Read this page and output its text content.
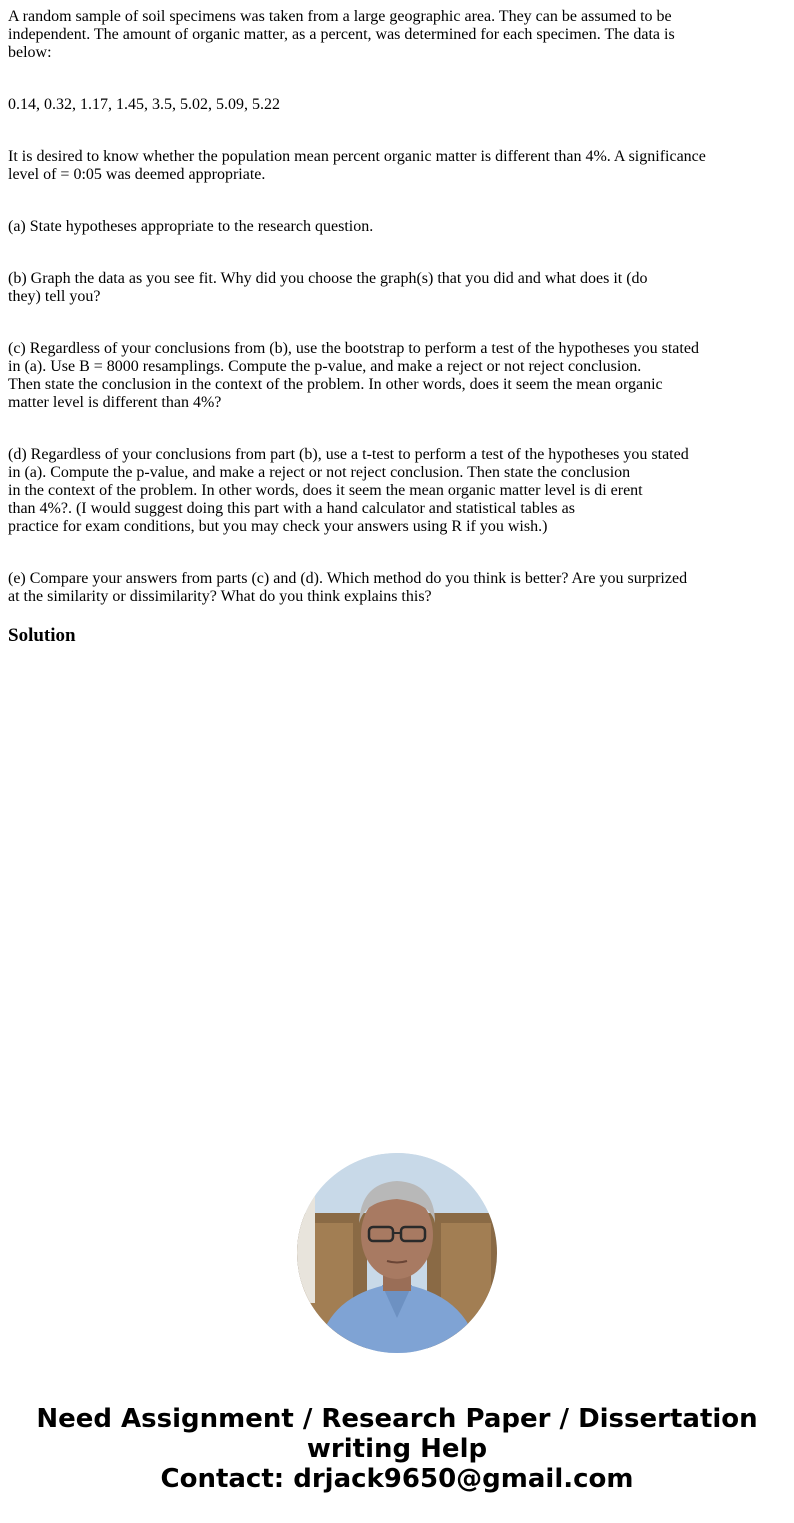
A random sample of soil specimens was taken from a large geographic area. They can be assumed to be
independent. The amount of organic matter, as a percent, was determined for each specimen. The data is
below:

0.14, 0.32, 1.17, 1.45, 3.5, 5.02, 5.09, 5.22

It is desired to know whether the population mean percent organic matter is different than 4%. A significance
level of = 0:05 was deemed appropriate.

(a) State hypotheses appropriate to the research question.

(b) Graph the data as you see fit. Why did you choose the graph(s) that you did and what does it (do
they) tell you?

(c) Regardless of your conclusions from (b), use the bootstrap to perform a test of the hypotheses you stated
in (a). Use B = 8000 resamplings. Compute the p-value, and make a reject or not reject conclusion.
Then state the conclusion in the context of the problem. In other words, does it seem the mean organic
matter level is different than 4%?

(d) Regardless of your conclusions from part (b), use a t-test to perform a test of the hypotheses you stated
in (a). Compute the p-value, and make a reject or not reject conclusion. Then state the conclusion
in the context of the problem. In other words, does it seem the mean organic matter level is di erent
than 4%?. (I would suggest doing this part with a hand calculator and statistical tables as
practice for exam conditions, but you may check your answers using R if you wish.)

(e) Compare your answers from parts (c) and (d). Which method do you think is better? Are you surprized
at the similarity or dissimilarity? What do you think explains this?

Solution
Need Assignment / Research Paper / Dissertation
writing Help
Contact: drjack9650@gmail.com
